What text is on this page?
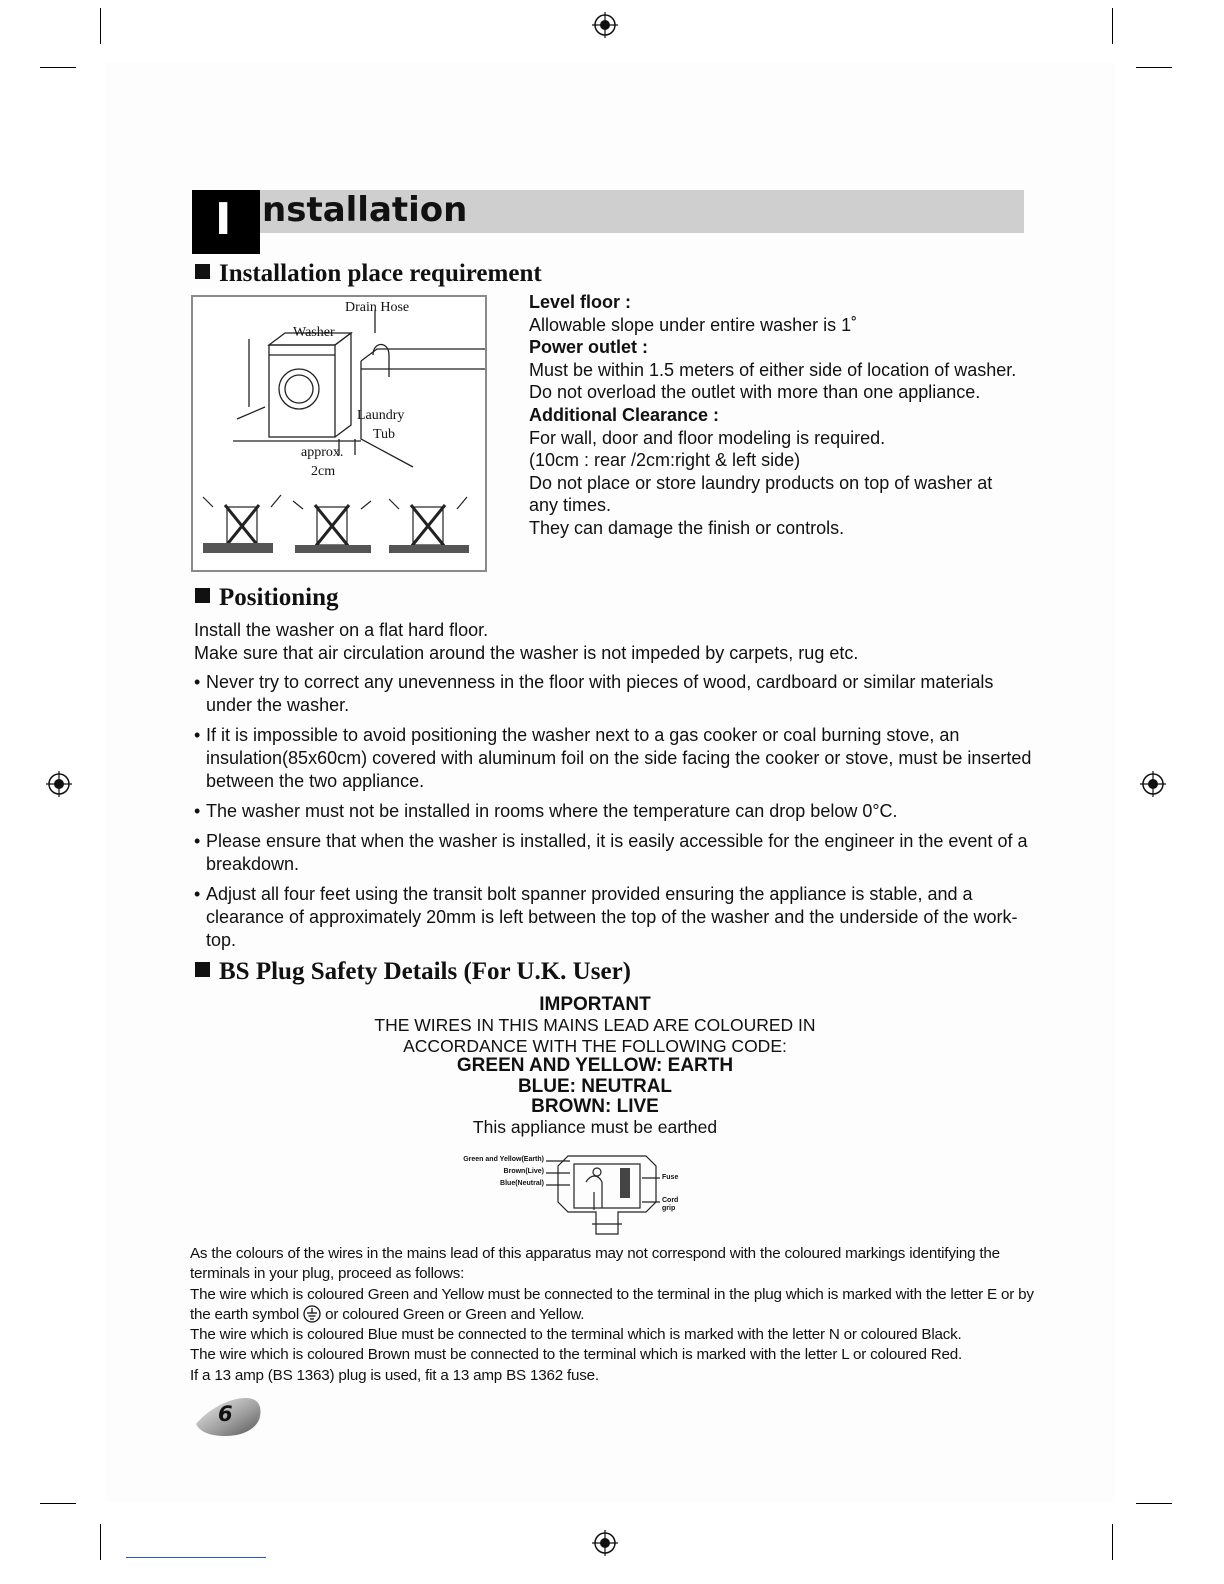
I nstallation
Installation place requirement
Drain Hose
Washer
Laundry
Tub
approx.
2cm

Level floor :

Allowable slope under entire washer is 1˚

Power outlet :

Must be within 1.5 meters of either side of location of washer. Do not overload the outlet with more than one appliance.

Additional Clearance :

For wall, door and floor modeling is required.

(10cm : rear /2cm:right & left side)

Do not place or store laundry products on top of washer at any times.

They can damage the finish or controls.

Positioning

Install the washer on a flat hard floor.

Make sure that air circulation around the washer is not impeded by carpets, rug etc.

• Never try to correct any unevenness in the floor with pieces of wood, cardboard or similar materials under the washer.
• If it is impossible to avoid positioning the washer next to a gas cooker or coal burning stove, an insulation(85x60cm) covered with aluminum foil on the side facing the cooker or stove, must be inserted between the two appliance.
• The washer must not be installed in rooms where the temperature can drop below 0°C.
• Please ensure that when the washer is installed, it is easily accessible for the engineer in the event of a breakdown.
• Adjust all four feet using the transit bolt spanner provided ensuring the appliance is stable, and a clearance of approximately 20mm is left between the top of the washer and the underside of the work-top.
BS Plug Safety Details (For U.K. User)

IMPORTANT

THE WIRES IN THIS MAINS LEAD ARE COLOURED IN

ACCORDANCE WITH THE FOLLOWING CODE:

GREEN AND YELLOW: EARTH

BLUE: NEUTRAL

BROWN: LIVE

This appliance must be earthed

Green and Yellow(Earth)
Brown(Live)
Blue(Neutral)
Fuse
Cord
grip

As the colours of the wires in the mains lead of this apparatus may not correspond with the coloured markings identifying the terminals in your plug, proceed as follows:

The wire which is coloured Green and Yellow must be connected to the terminal in the plug which is marked with the letter E or by the earth symbol or coloured Green or Green and Yellow.

The wire which is coloured Blue must be connected to the terminal which is marked with the letter N or coloured Black.

The wire which is coloured Brown must be connected to the terminal which is marked with the letter L or coloured Red.

If a 13 amp (BS 1363) plug is used, fit a 13 amp BS 1362 fuse.

6
